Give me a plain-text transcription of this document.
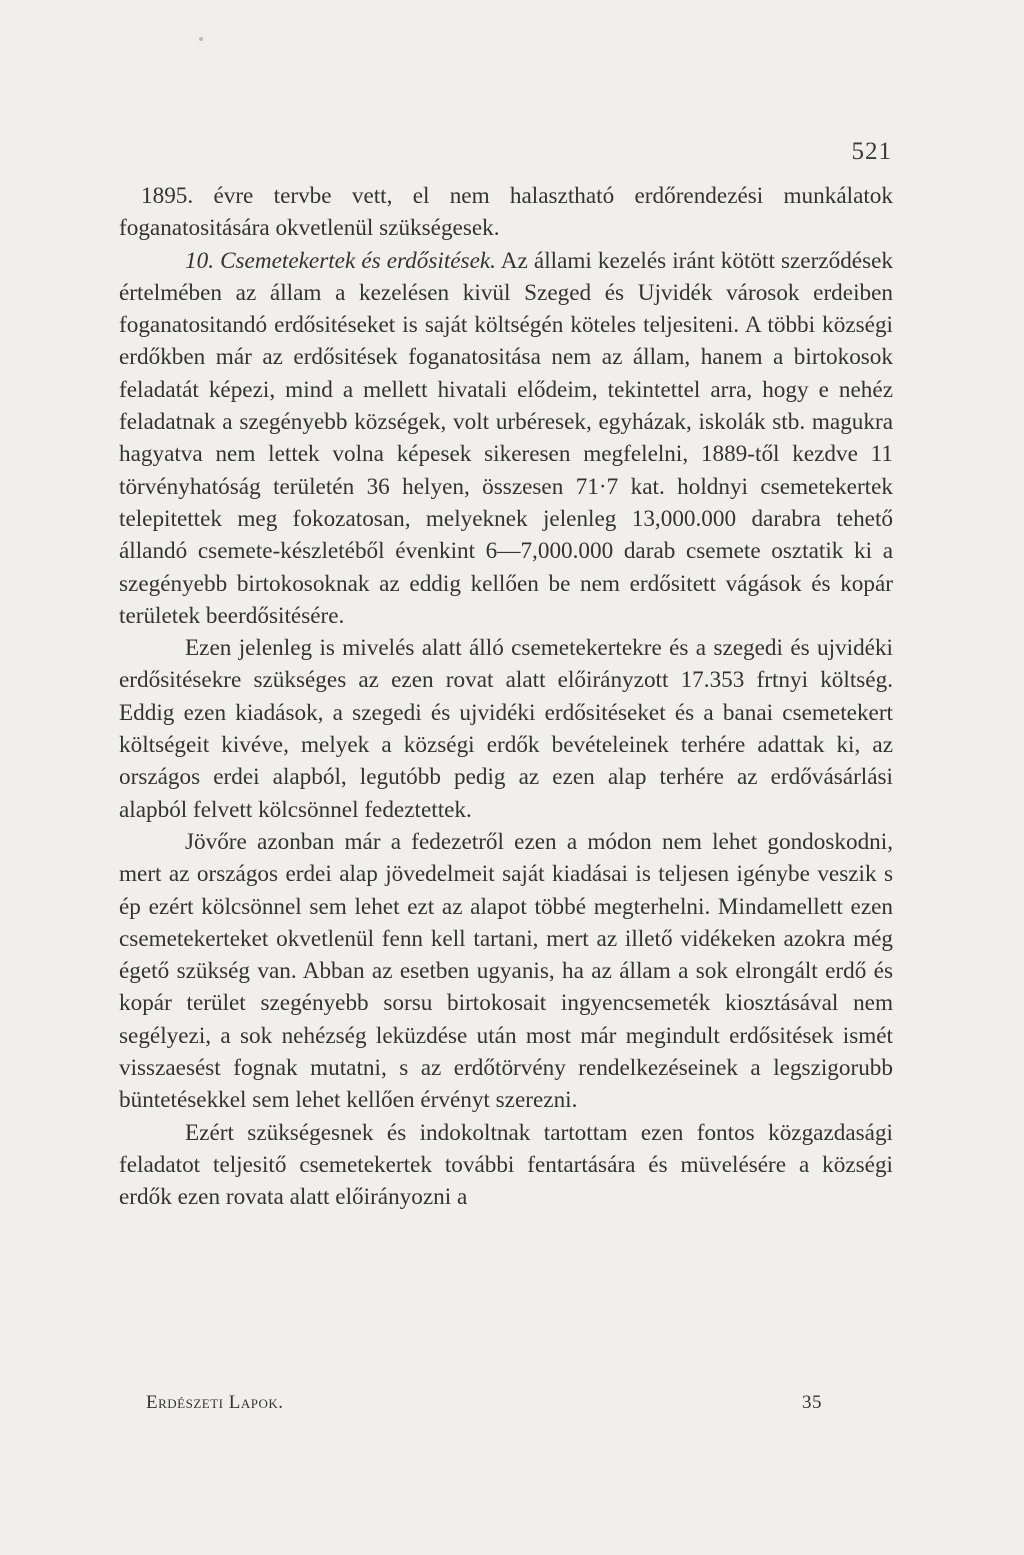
521

1895. évre tervbe vett, el nem halasztható erdőrendezési munkálatok foganatositására okvetlenül szükségesek.

10. Csemetekertek és erdősitések. Az állami kezelés iránt kötött szerződések értelmében az állam a kezelésen kivül Szeged és Ujvidék városok erdeiben foganatositandó erdősitéseket is saját költségén köteles teljesiteni. A többi községi erdőkben már az erdősitések foganatositása nem az állam, hanem a birtokosok feladatát képezi, mind a mellett hivatali elődeim, tekintettel arra, hogy e nehéz feladatnak a szegényebb községek, volt urbéresek, egyházak, iskolák stb. magukra hagyatva nem lettek volna képesek sikeresen megfelelni, 1889-től kezdve 11 törvényhatóság területén 36 helyen, összesen 71·7 kat. holdnyi csemetekertek telepitettek meg fokozatosan, melyeknek jelenleg 13,000.000 darabra tehető állandó csemete-készletéből évenkint 6—7,000.000 darab csemete osztatik ki a szegényebb birtokosoknak az eddig kellően be nem erdősitett vágások és kopár területek beerdősitésére.

Ezen jelenleg is mivelés alatt álló csemetekertekre és a szegedi és ujvidéki erdősitésekre szükséges az ezen rovat alatt előirányzott 17.353 frtnyi költség. Eddig ezen kiadások, a szegedi és ujvidéki erdősitéseket és a banai csemetekert költségeit kivéve, melyek a községi erdők bevételeinek terhére adattak ki, az országos erdei alapból, legutóbb pedig az ezen alap terhére az erdővásárlási alapból felvett kölcsönnel fedeztettek.

Jövőre azonban már a fedezetről ezen a módon nem lehet gondoskodni, mert az országos erdei alap jövedelmeit saját kiadásai is teljesen igénybe veszik s ép ezért kölcsönnel sem lehet ezt az alapot többé megterhelni. Mindamellett ezen csemetekerteket okvetlenül fenn kell tartani, mert az illető vidékeken azokra még égető szükség van. Abban az esetben ugyanis, ha az állam a sok elrongált erdő és kopár terület szegényebb sorsu birtokosait ingyencsemeték kiosztásával nem segélyezi, a sok nehézség leküzdése után most már megindult erdősitések ismét visszaesést fognak mutatni, s az erdőtörvény rendelkezéseinek a legszigorubb büntetésekkel sem lehet kellően érvényt szerezni.

Ezért szükségesnek és indokoltnak tartottam ezen fontos közgazdasági feladatot teljesitő csemetekertek további fentartására és müvelésére a községi erdők ezen rovata alatt előirányozni a

Erdészeti Lapok.	35
